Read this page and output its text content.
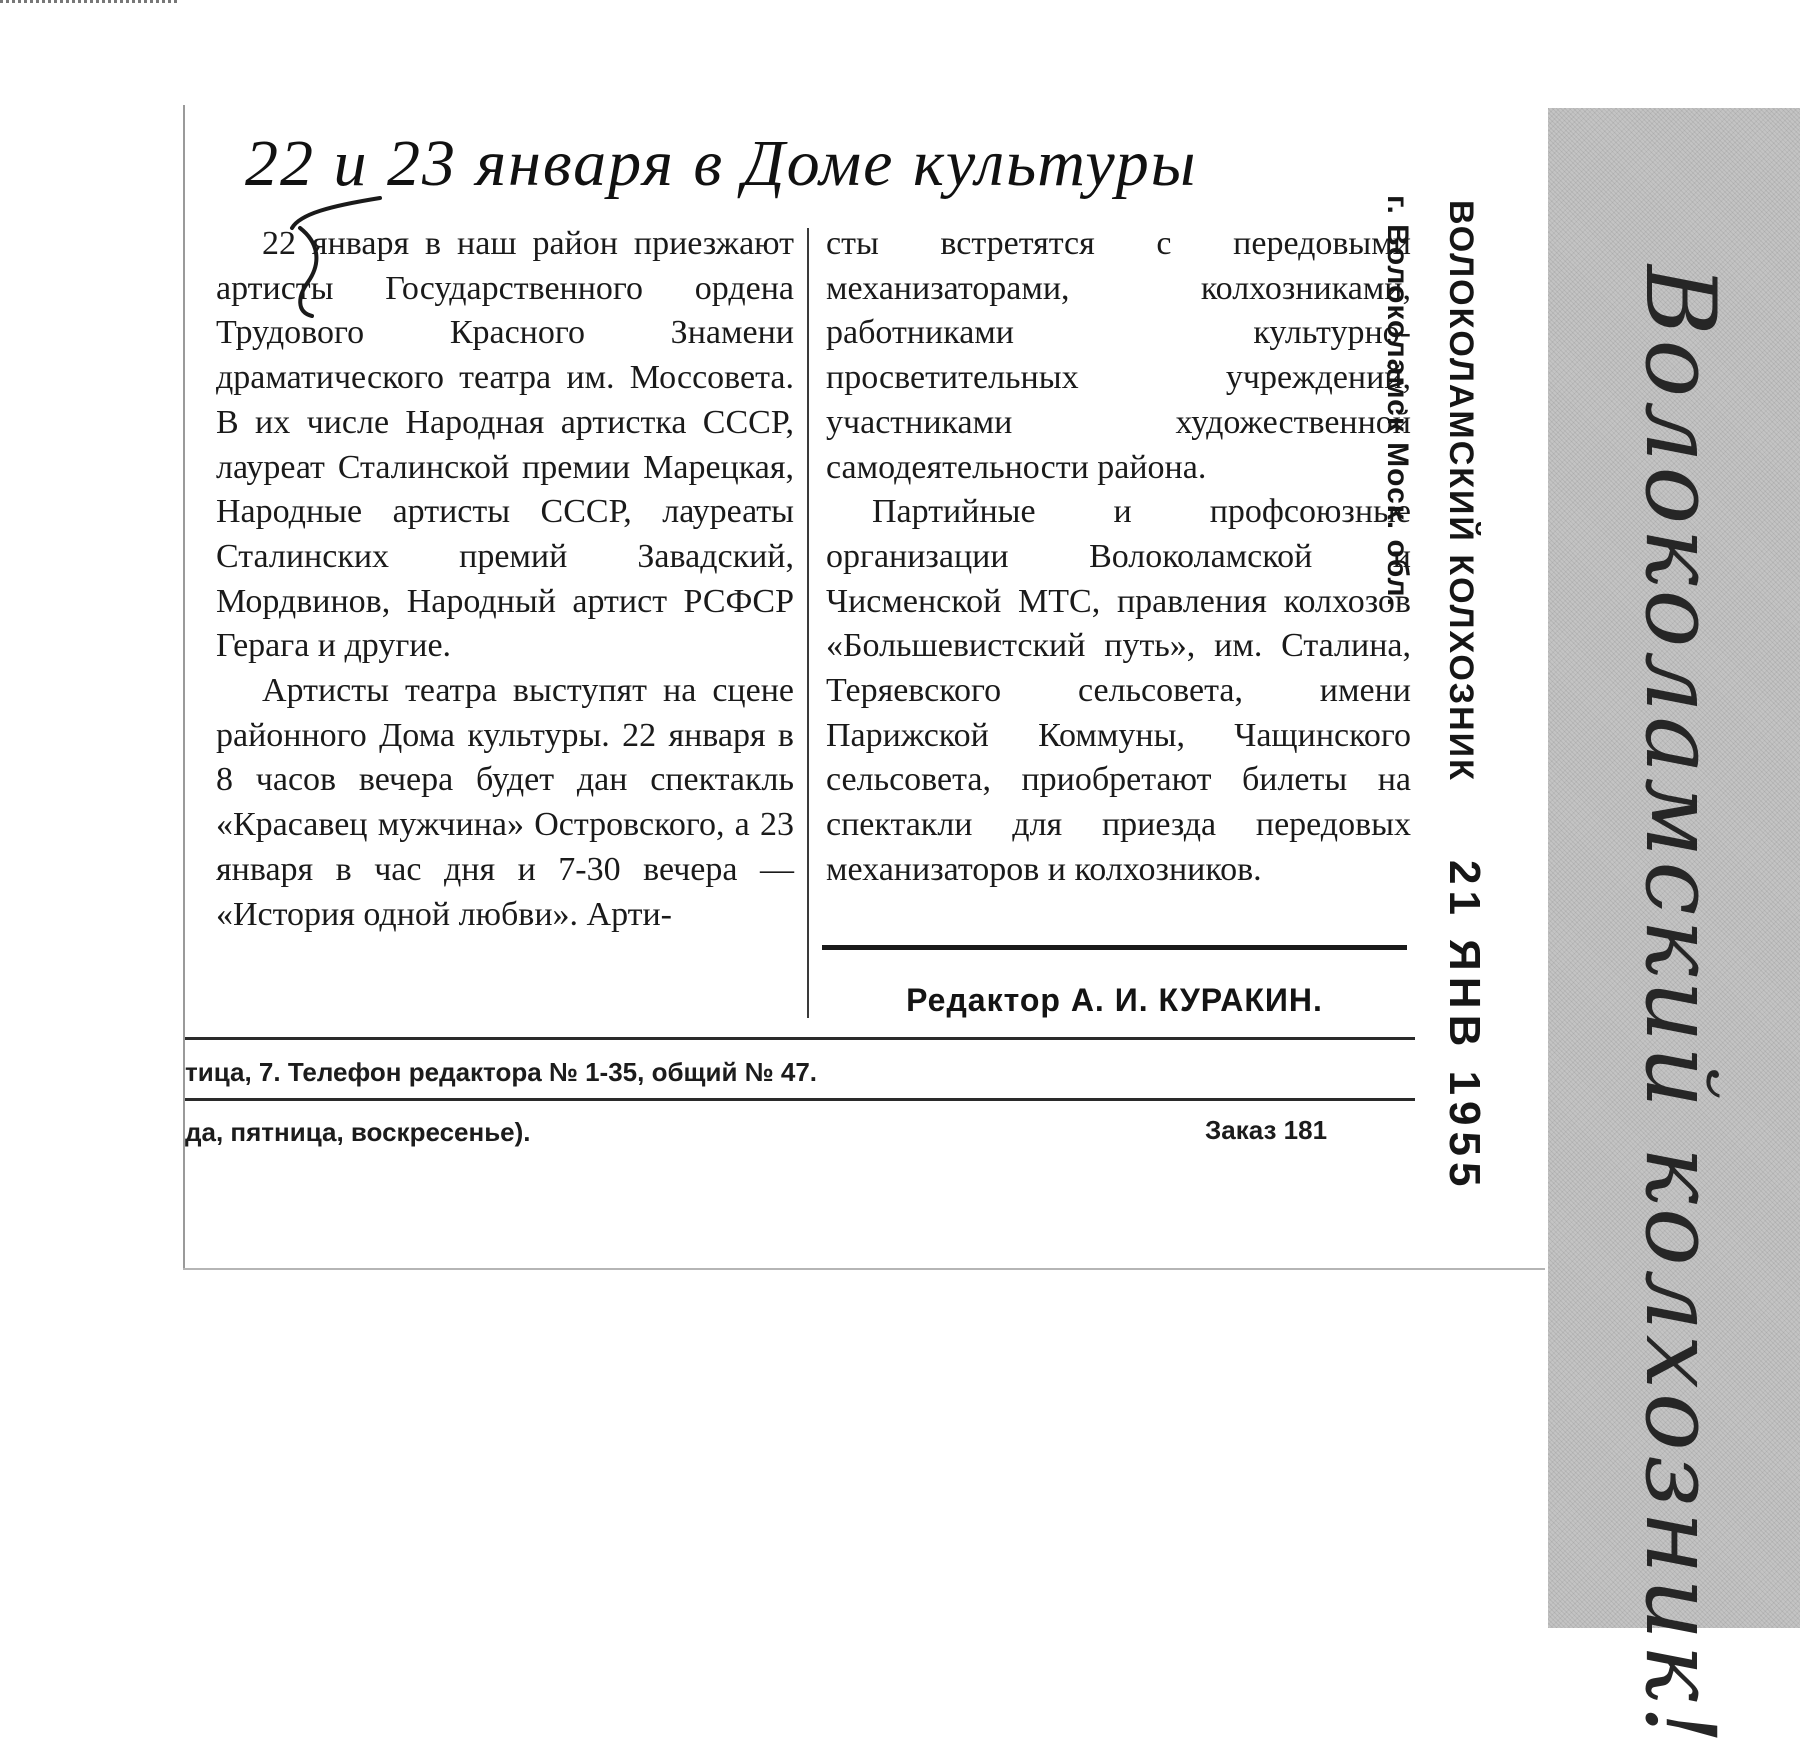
22 и 23 января в Доме культуры

22 января в наш район приезжают артисты Государственного ордена Трудового Красного Знамени драматического театра им. Моссовета. В их числе Народная артистка СССР, лауреат Сталинской премии Марецкая, Народные артисты СССР, лауреаты Сталинских премий Завадский, Мордвинов, Народный артист РСФСР Герага и другие.

Артисты театра выступят на сцене районного Дома культуры. 22 января в 8 часов вечера будет дан спектакль «Красавец мужчина» Островского, а 23 января в час дня и 7-30 вечера — «История одной любви». Арти-

сты встретятся с передовыми механизаторами, колхозниками, работниками культурно-просветительных учреждений, участниками художественной самодеятельности района.

Партийные и профсоюзные организации Волоколамской и Чисменской МТС, правления колхозов «Большевистский путь», им. Сталина, Теряевского сельсовета, имени Парижской Коммуны, Чащинского сельсовета, приобретают билеты на спектакли для приезда передовых механизаторов и колхозников.

Редактор А. И. КУРАКИН.
тица, 7. Телефон редактора № 1-35, общий № 47.
да, пятница, воскресенье).	Заказ 181
г. Волоколамск Моск. обл. ВОЛОКОЛАМСКИЙ КОЛХОЗНИК
21 ЯНВ 1955 Волоколамский колхозник!
